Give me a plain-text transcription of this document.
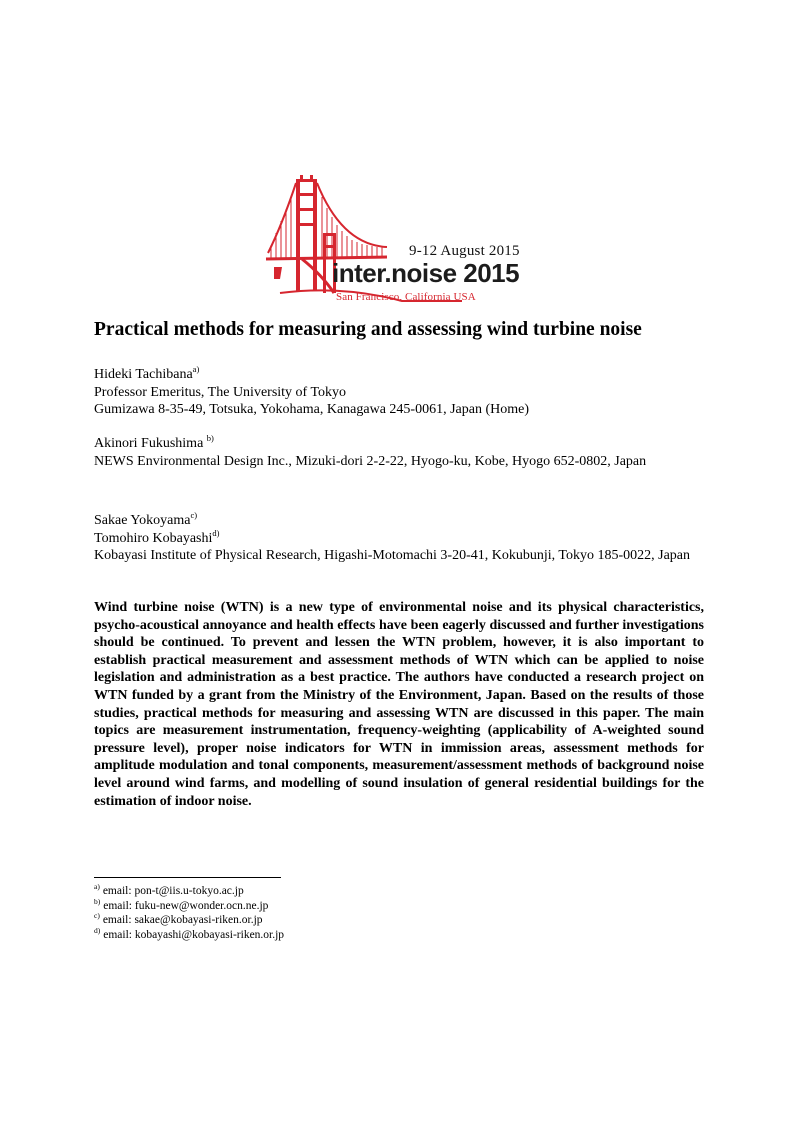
9-12 August 2015
inter.noise 2015
San Francisco, California USA
Practical methods for measuring and assessing wind turbine noise

Hideki Tachibana$^{a)}$

Professor Emeritus, The University of Tokyo

Gumizawa 8-35-49, Totsuka, Yokohama, Kanagawa 245-0061, Japan (Home)

Akinori Fukushima $^{b)}$

NEWS Environmental Design Inc., Mizuki-dori 2-2-22, Hyogo-ku, Kobe, Hyogo 652-0802, Japan

Sakae Yokoyama$^{c)}$

Tomohiro Kobayashi$^{d)}$

Kobayasi Institute of Physical Research, Higashi-Motomachi 3-20-41, Kokubunji, Tokyo 185-0022, Japan

Wind turbine noise (WTN) is a new type of environmental noise and its physical characteristics, psycho-acoustical annoyance and health effects have been eagerly discussed and further investigations should be continued. To prevent and lessen the WTN problem, however, it is also important to establish practical measurement and assessment methods of WTN which can be applied to noise legislation and administration as a best practice. The authors have conducted a research project on WTN funded by a grant from the Ministry of the Environment, Japan. Based on the results of those studies, practical methods for measuring and assessing WTN are discussed in this paper. The main topics are measurement instrumentation, frequency-weighting (applicability of A-weighted sound pressure level), proper noise indicators for WTN in immission areas, assessment methods for amplitude modulation and tonal components, measurement/assessment methods of background noise level around wind farms, and modelling of sound insulation of general residential buildings for the estimation of indoor noise.

$^{a)}$ email: pon-t@iis.u-tokyo.ac.jp

$^{b)}$ email: fuku-new@wonder.ocn.ne.jp

$^{c)}$ email: sakae@kobayasi-riken.or.jp

$^{d)}$ email: kobayashi@kobayasi-riken.or.jp
